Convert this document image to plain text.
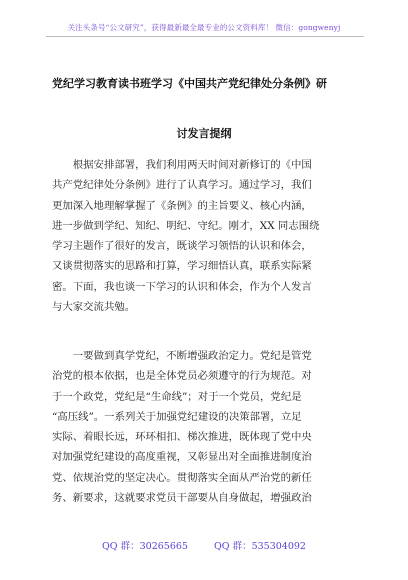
关注头条号“公文研究”，获得最新最全最专业的公文资料库！ 微信：gongwenyj
党纪学习教育读书班学习《中国共产党纪律处分条例》研
讨发言提纲
　　根据安排部署，我们利用两天时间对新修订的《中国
共产党纪律处分条例》进行了认真学习。通过学习，我们
更加深入地理解掌握了《条例》的主旨要义、核心内涵，
进一步做到学纪、知纪、明纪、守纪。刚才，XX 同志围绕
学习主题作了很好的发言，既谈学习领悟的认识和体会，
又谈贯彻落实的思路和打算，学习细悟认真，联系实际紧
密。下面，我也谈一下学习的认识和体会，作为个人发言
与大家交流共勉。
　　一要做到真学党纪，不断增强政治定力。党纪是管党
治党的根本依据，也是全体党员必须遵守的行为规范。对
于一个政党，党纪是“生命线”；对于一个党员，党纪是
“高压线”。一系列关于加强党纪建设的决策部署，立足
实际、着眼长远，环环相扣、梯次推进，既体现了党中央
对加强党纪建设的高度重视，又彰显出对全面推进制度治
党、依规治党的坚定决心。贯彻落实全面从严治党的新任
务、新要求，这就要求党员干部要从自身做起，增强政治
QQ 群：30265665	QQ 群：535304092
